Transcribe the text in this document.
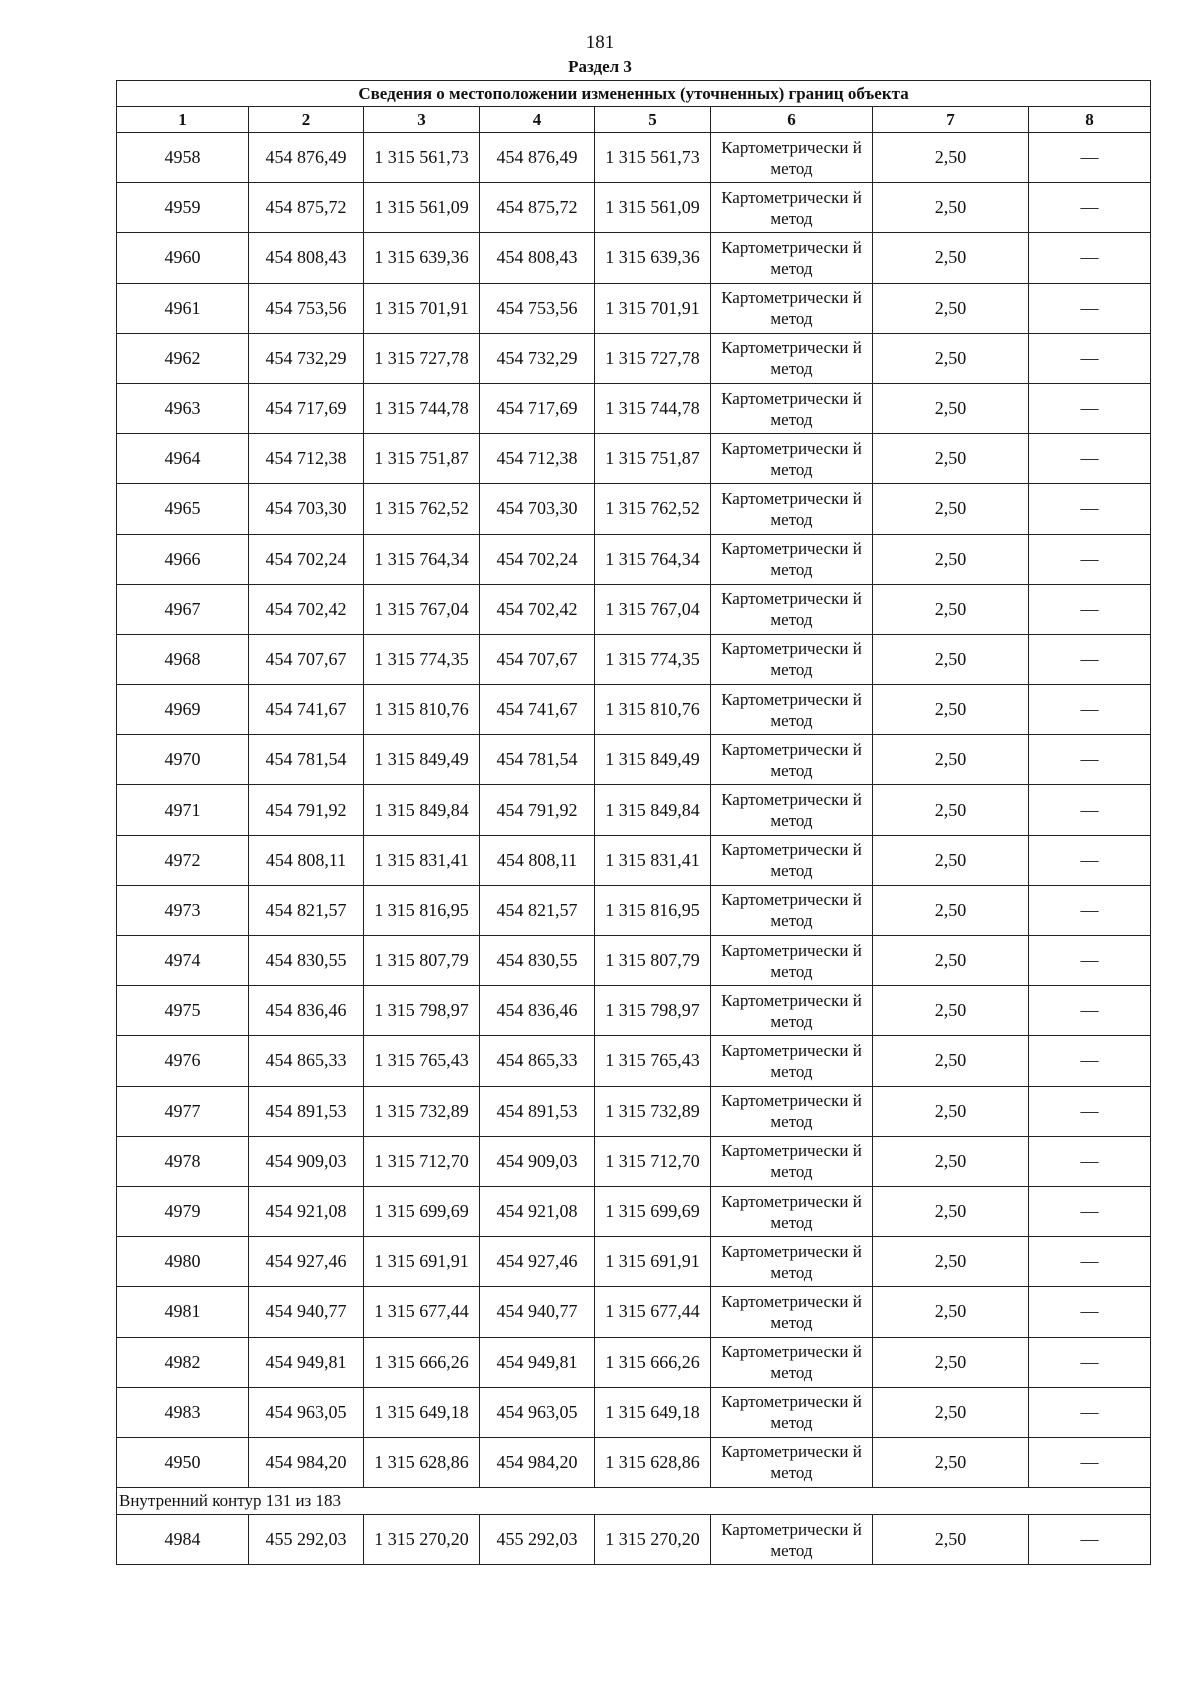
181
Раздел 3
Сведения о местоположении измененных (уточненных) границ объекта							
1	2	3	4	5	6	7	8
4958	454 876,49	1 315 561,73	454 876,49	1 315 561,73	Картометрически й метод	2,50	—
4959	454 875,72	1 315 561,09	454 875,72	1 315 561,09	Картометрически й метод	2,50	—
4960	454 808,43	1 315 639,36	454 808,43	1 315 639,36	Картометрически й метод	2,50	—
4961	454 753,56	1 315 701,91	454 753,56	1 315 701,91	Картометрически й метод	2,50	—
4962	454 732,29	1 315 727,78	454 732,29	1 315 727,78	Картометрически й метод	2,50	—
4963	454 717,69	1 315 744,78	454 717,69	1 315 744,78	Картометрически й метод	2,50	—
4964	454 712,38	1 315 751,87	454 712,38	1 315 751,87	Картометрически й метод	2,50	—
4965	454 703,30	1 315 762,52	454 703,30	1 315 762,52	Картометрически й метод	2,50	—
4966	454 702,24	1 315 764,34	454 702,24	1 315 764,34	Картометрически й метод	2,50	—
4967	454 702,42	1 315 767,04	454 702,42	1 315 767,04	Картометрически й метод	2,50	—
4968	454 707,67	1 315 774,35	454 707,67	1 315 774,35	Картометрически й метод	2,50	—
4969	454 741,67	1 315 810,76	454 741,67	1 315 810,76	Картометрически й метод	2,50	—
4970	454 781,54	1 315 849,49	454 781,54	1 315 849,49	Картометрически й метод	2,50	—
4971	454 791,92	1 315 849,84	454 791,92	1 315 849,84	Картометрически й метод	2,50	—
4972	454 808,11	1 315 831,41	454 808,11	1 315 831,41	Картометрически й метод	2,50	—
4973	454 821,57	1 315 816,95	454 821,57	1 315 816,95	Картометрически й метод	2,50	—
4974	454 830,55	1 315 807,79	454 830,55	1 315 807,79	Картометрически й метод	2,50	—
4975	454 836,46	1 315 798,97	454 836,46	1 315 798,97	Картометрически й метод	2,50	—
4976	454 865,33	1 315 765,43	454 865,33	1 315 765,43	Картометрически й метод	2,50	—
4977	454 891,53	1 315 732,89	454 891,53	1 315 732,89	Картометрически й метод	2,50	—
4978	454 909,03	1 315 712,70	454 909,03	1 315 712,70	Картометрически й метод	2,50	—
4979	454 921,08	1 315 699,69	454 921,08	1 315 699,69	Картометрически й метод	2,50	—
4980	454 927,46	1 315 691,91	454 927,46	1 315 691,91	Картометрически й метод	2,50	—
4981	454 940,77	1 315 677,44	454 940,77	1 315 677,44	Картометрически й метод	2,50	—
4982	454 949,81	1 315 666,26	454 949,81	1 315 666,26	Картометрически й метод	2,50	—
4983	454 963,05	1 315 649,18	454 963,05	1 315 649,18	Картометрически й метод	2,50	—
4950	454 984,20	1 315 628,86	454 984,20	1 315 628,86	Картометрически й метод	2,50	—
Внутренний контур 131 из 183							
4984	455 292,03	1 315 270,20	455 292,03	1 315 270,20	Картометрически й метод	2,50	—
